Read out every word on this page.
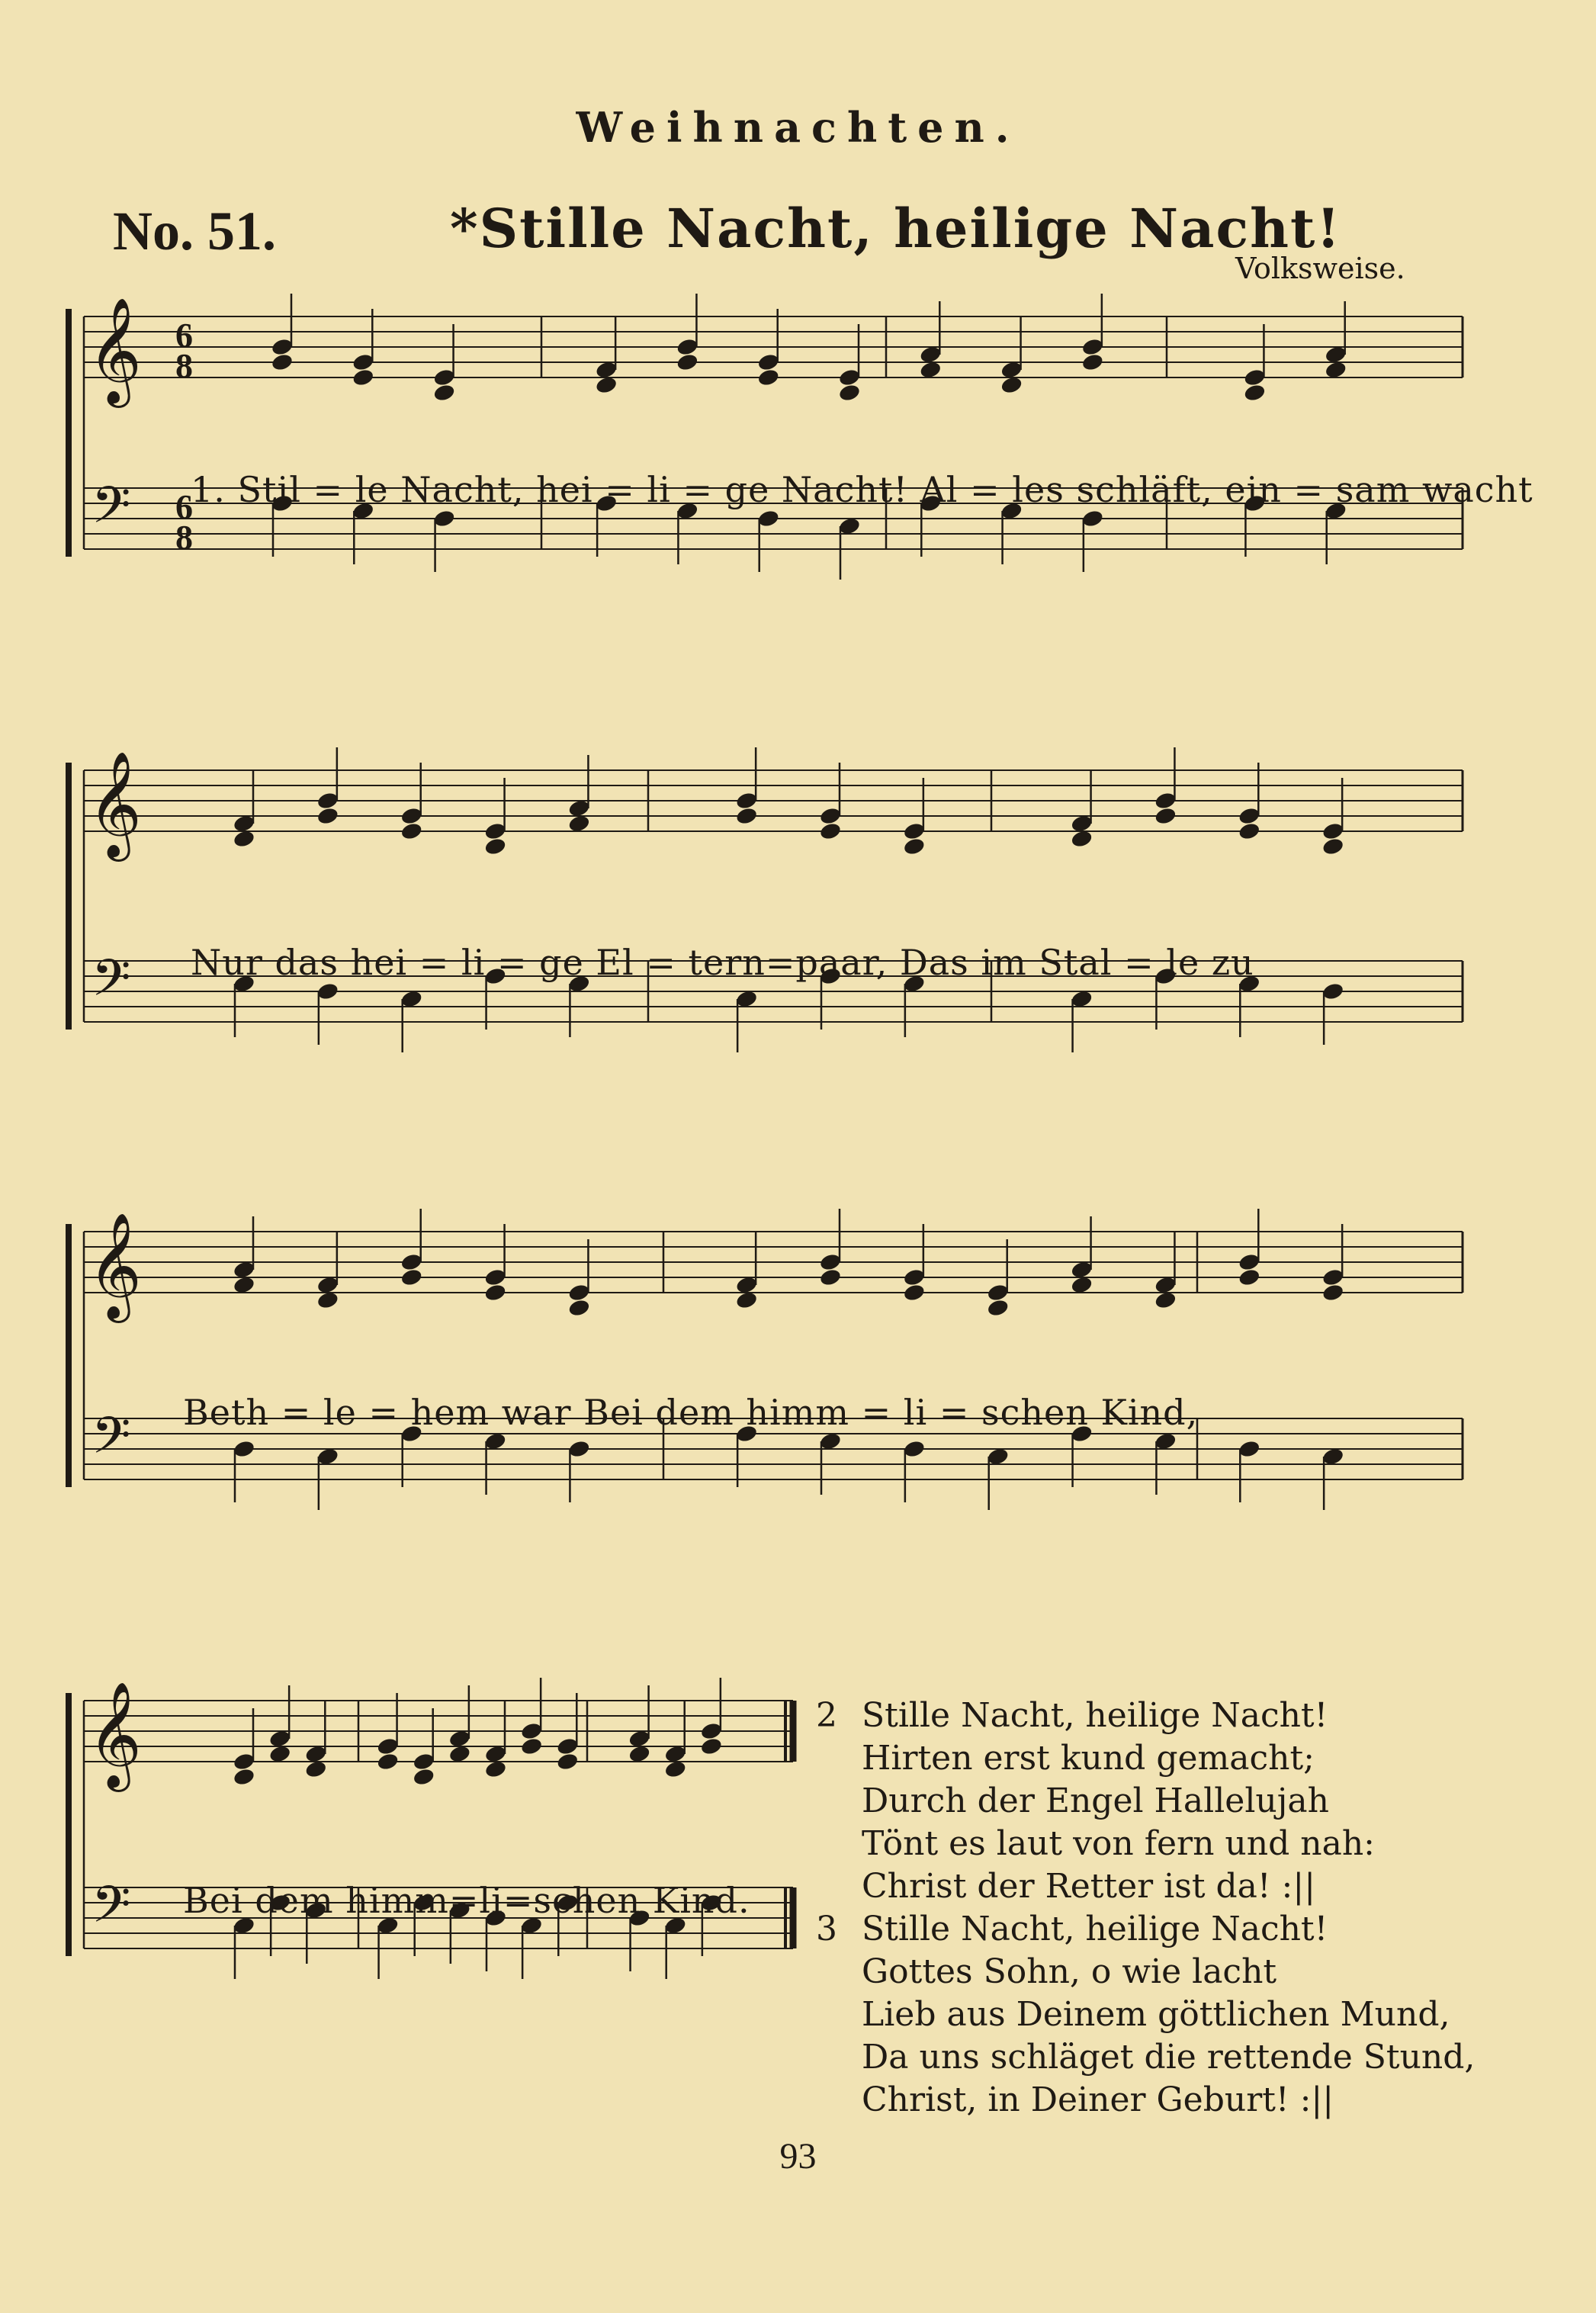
Weihnachten.
No. 51.	*Stille Nacht, heilige Nacht!
Volksweise.
𝄞
𝄢
6
8
6
8
𝄞
𝄢
𝄞
𝄢
𝄞
𝄢
1. Stil = le Nacht, hei = li = ge Nacht! Al = les schläft, ein = sam wacht
Nur das hei = li = ge El = tern=paar, Das im Stal = le zu
Beth = le = hem war Bei dem himm = li = schen Kind,
Bei dem himm=li=schen Kind.
2 Stille Nacht, heilige Nacht!
Hirten erst kund gemacht;
Durch der Engel Hallelujah
Tönt es laut von fern und nah:
Christ der Retter ist da! :||
3 Stille Nacht, heilige Nacht!
Gottes Sohn, o wie lacht
Lieb aus Deinem göttlichen Mund,
Da uns schläget die rettende Stund,
Christ, in Deiner Geburt! :||
93
